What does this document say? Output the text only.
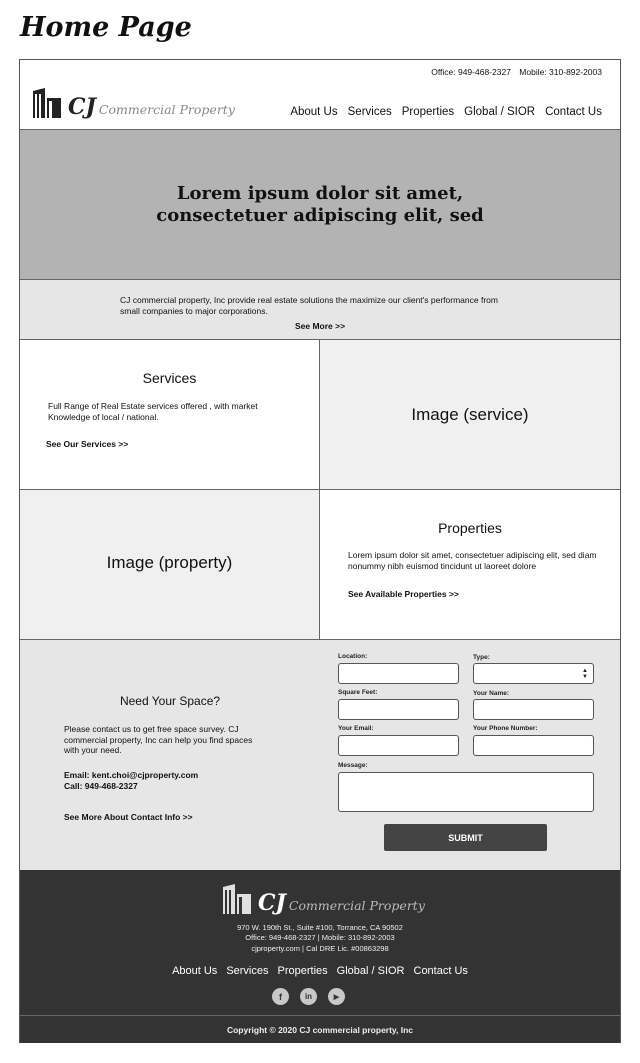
Home Page
Office: 949-468-2327 Mobile: 310-892-2003
CJ Commercial Property	About Us Services Properties Global / SIOR Contact Us
Lorem ipsum dolor sit amet,
consectetuer adipiscing elit, sed
CJ commercial property, Inc provide real estate solutions the maximize our client's performance from small companies to major corporations.
See More >>
Services
Full Range of Real Estate services offered , with market Knowledge of local / national.
See Our Services >>
Image (service)
Image (property)
Properties
Lorem ipsum dolor sit amet, consectetuer adipiscing elit, sed diam nonummy nibh euismod tincidunt ut laoreet dolore
See Available Properties >>
Need Your Space?
Please contact us to get free space survey. CJ commercial property, Inc can help you find spaces with your need.
Email: kent.choi@cjproperty.com
Call: 949-468-2327
See More About Contact Info >>
Location:	Type:
▲
▼
Square Feet:	Your Name:
Your Email:	Your Phone Number:
Message:
SUBMIT
CJ Commercial Property
970 W. 190th St., Suite #100, Torrance, CA 90502
Office: 949-468-2327 | Mobile: 310-892-2003
cjproperty.com | Cal DRE Lic. #00863298
About Us Services Properties Global / SIOR Contact Us
f	in	▶
Copyright © 2020 CJ commercial property, Inc
